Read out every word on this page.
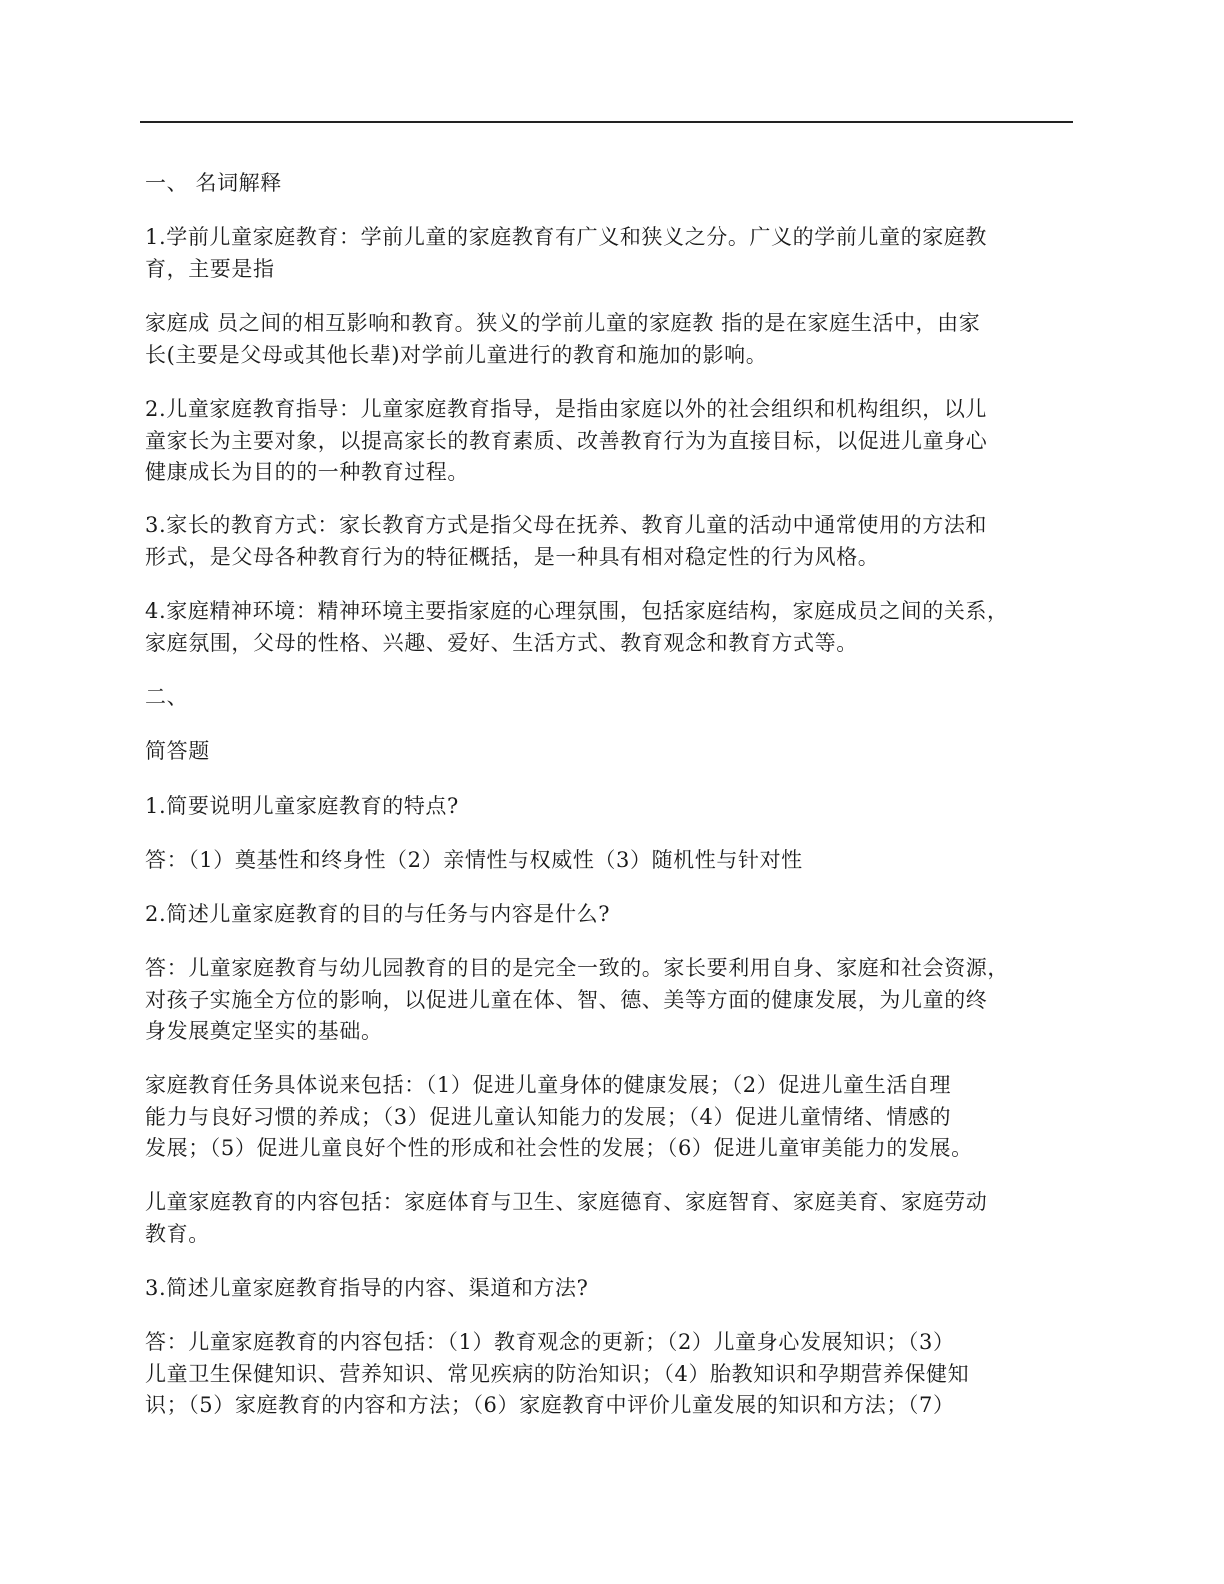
一、 名词解释
1.学前儿童家庭教育：学前儿童的家庭教育有广义和狭义之分。广义的学前儿童的家庭教
育，主要是指
家庭成 员之间的相互影响和教育。狭义的学前儿童的家庭教 指的是在家庭生活中，由家
长(主要是父母或其他长辈)对学前儿童进行的教育和施加的影响。
2.儿童家庭教育指导：儿童家庭教育指导，是指由家庭以外的社会组织和机构组织，以儿
童家长为主要对象，以提高家长的教育素质、改善教育行为为直接目标，以促进儿童身心
健康成长为目的的一种教育过程。
3.家长的教育方式：家长教育方式是指父母在抚养、教育儿童的活动中通常使用的方法和
形式，是父母各种教育行为的特征概括，是一种具有相对稳定性的行为风格。
4.家庭精神环境：精神环境主要指家庭的心理氛围，包括家庭结构，家庭成员之间的关系，
家庭氛围，父母的性格、兴趣、爱好、生活方式、教育观念和教育方式等。
二、
简答题
1.简要说明儿童家庭教育的特点?
答：（1）奠基性和终身性（2）亲情性与权威性（3）随机性与针对性
2.简述儿童家庭教育的目的与任务与内容是什么?
答：儿童家庭教育与幼儿园教育的目的是完全一致的。家长要利用自身、家庭和社会资源，
对孩子实施全方位的影响，以促进儿童在体、智、德、美等方面的健康发展，为儿童的终
身发展奠定坚实的基础。
家庭教育任务具体说来包括：（1）促进儿童身体的健康发展；（2）促进儿童生活自理
能力与良好习惯的养成；（3）促进儿童认知能力的发展；（4）促进儿童情绪、情感的
发展；（5）促进儿童良好个性的形成和社会性的发展；（6）促进儿童审美能力的发展。
儿童家庭教育的内容包括：家庭体育与卫生、家庭德育、家庭智育、家庭美育、家庭劳动
教育。
3.简述儿童家庭教育指导的内容、渠道和方法?
答：儿童家庭教育的内容包括：（1）教育观念的更新；（2）儿童身心发展知识；（3）
儿童卫生保健知识、营养知识、常见疾病的防治知识；（4）胎教知识和孕期营养保健知
识；（5）家庭教育的内容和方法；（6）家庭教育中评价儿童发展的知识和方法；（7）
